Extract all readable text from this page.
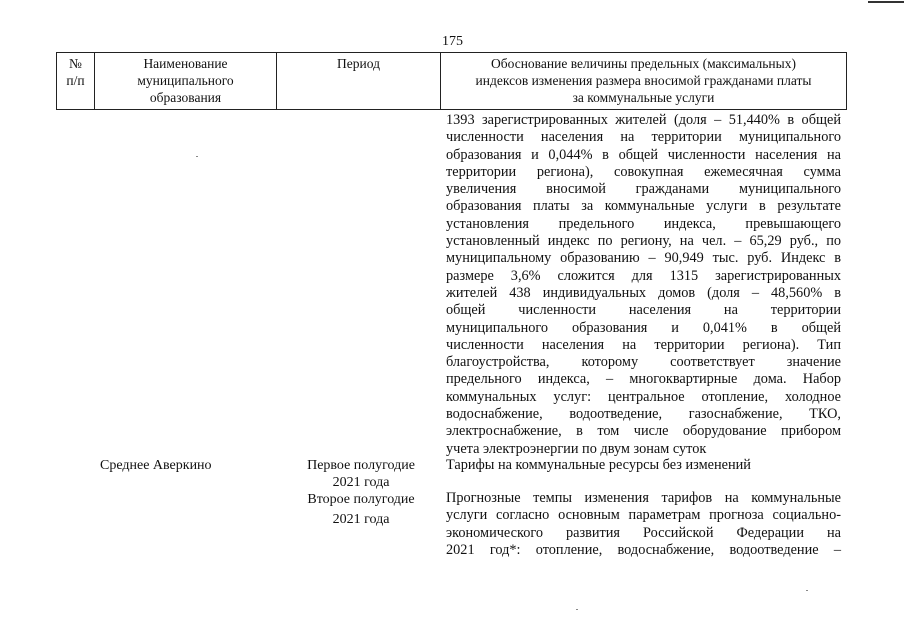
175
№
п/п
Наименование
муниципального
образования
Период	Обоснование величины предельных (максимальных)
индексов изменения размера вносимой гражданами платы
за коммунальные услуги
1393 зарегистрированных жителей (доля – 51,440% в общей
численности населения на территории муниципального
образования и 0,044% в общей численности населения на
территории региона), совокупная ежемесячная сумма
увеличения вносимой гражданами муниципального
образования платы за коммунальные услуги в результате
установления предельного индекса, превышающего
установленный индекс по региону, на чел. – 65,29 руб., по
муниципальному образованию – 90,949 тыс. руб. Индекс в
размере 3,6% сложится для 1315 зарегистрированных
жителей 438 индивидуальных домов (доля – 48,560% в
общей численности населения на территории
муниципального образования и 0,041% в общей
численности населения на территории региона). Тип
благоустройства, которому соответствует значение
предельного индекса, – многоквартирные дома. Набор
коммунальных услуг: центральное отопление, холодное
водоснабжение, водоотведение, газоснабжение, ТКО,
электроснабжение, в том числе оборудование прибором
учета электроэнергии по двум зонам суток
Среднее Аверкино	Первое полугодие
2021 года
Второе полугодие
2021 года
Тарифы на коммунальные ресурсы без изменений
Прогнозные темпы изменения тарифов на коммунальные
услуги согласно основным параметрам прогноза социально-
экономического развития Российской Федерации на
2021 год*: отопление, водоснабжение, водоотведение –
